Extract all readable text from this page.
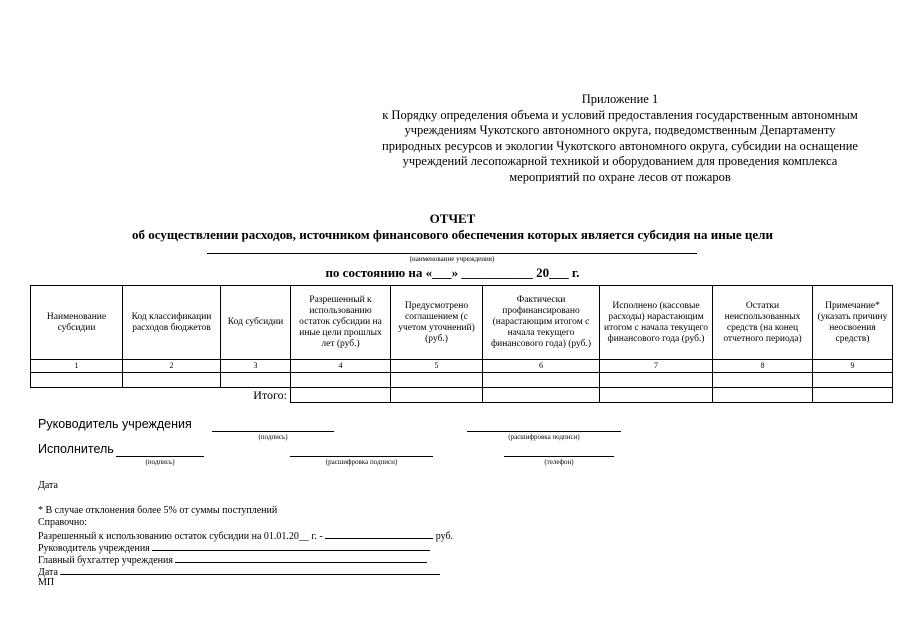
Приложение 1
к Порядку определения объема и условий предоставления государственным автономным
учреждениям Чукотского автономного округа, подведомственным Департаменту
природных ресурсов и экологии Чукотского автономного округа, субсидии на оснащение
учреждений лесопожарной техникой и оборудованием для проведения комплекса
мероприятий по охране лесов от пожаров
ОТЧЕТ
об осуществлении расходов, источником финансового обеспечения которых является субсидия на иные цели
(наименование учреждения)
по состоянию на «___» ___________ 20___ г.
Наименование субсидии	Код классификации расходов бюджетов	Код субсидии	Разрешенный к использованию остаток субсидии на иные цели прошлых лет (руб.)	Предусмотрено соглашением (с учетом уточнений) (руб.)	Фактически профинансировано (нарастающим итогом с начала текущего финансового года) (руб.)	Исполнено (кассовые расходы) нарастающим итогом с начала текущего финансового года (руб.)	Остатки неиспользованных средств (на конец отчетного периода)	Примечание* (указать причину неосвоения средств)
1	2	3	4	5	6	7	8	9

Итого:								
Руководитель учреждения
(подпись)	(расшифровка подписи)
Исполнитель
(подпись)	(расшифровка подписи)	(телефон)
Дата
* В случае отклонения более 5% от суммы поступлений
Справочно:
Разрешенный к использованию остаток субсидии на 01.01.20__ г. -	руб.
Руководитель учреждения
Главный бухгалтер учреждения
Дата
МП
